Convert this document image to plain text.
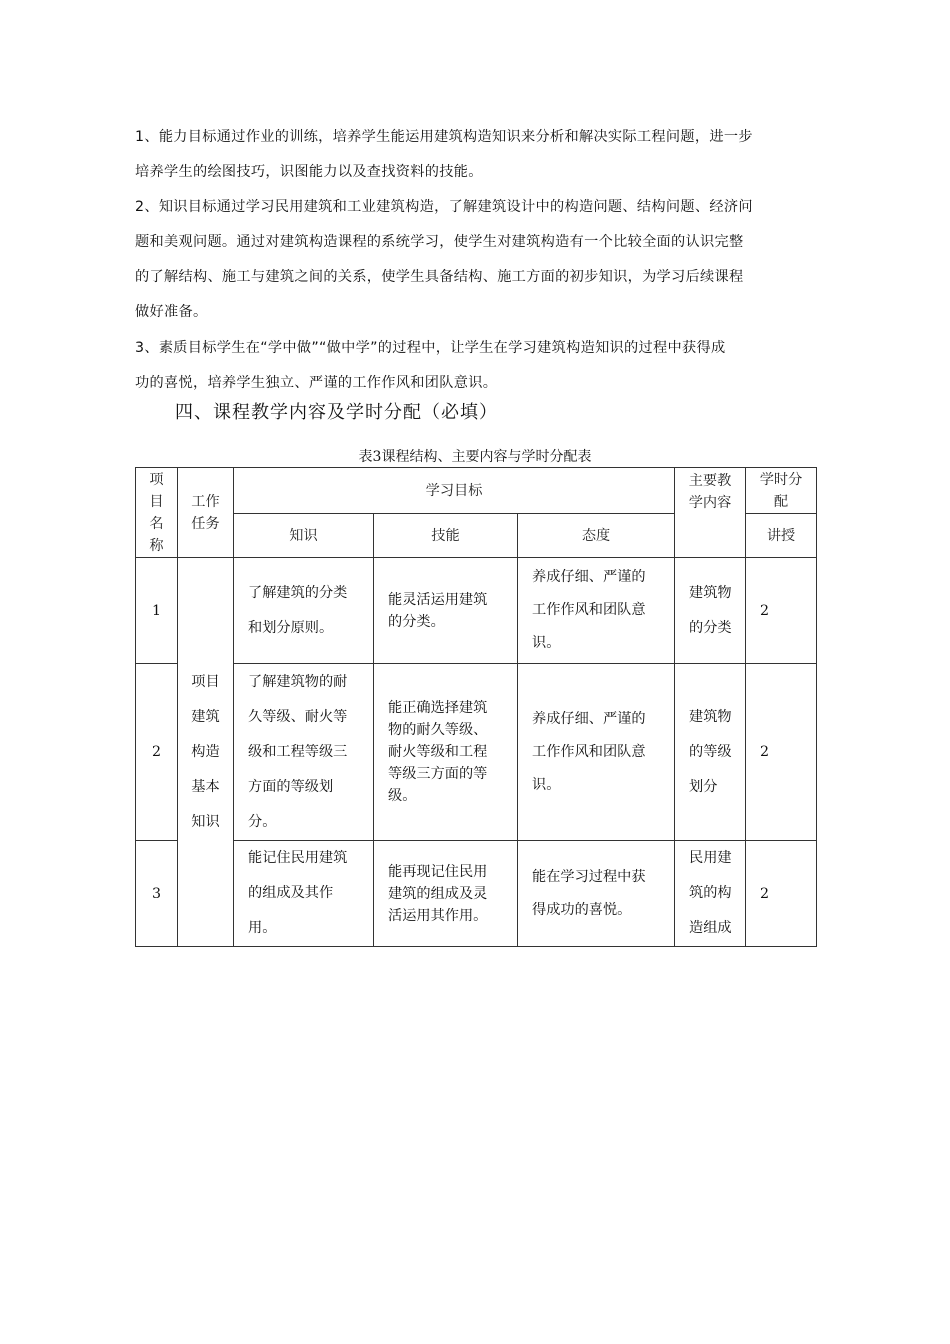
1、能力目标通过作业的训练，培养学生能运用建筑构造知识来分析和解决实际工程问题，进一步
培养学生的绘图技巧，识图能力以及查找资料的技能。

2、知识目标通过学习民用建筑和工业建筑构造，了解建筑设计中的构造问题、结构问题、经济问
题和美观问题。通过对建筑构造课程的系统学习，使学生对建筑构造有一个比较全面的认识完整
的了解结构、施工与建筑之间的关系，使学生具备结构、施工方面的初步知识，为学习后续课程
做好准备。

3、素质目标学生在“学中做”“做中学”的过程中，让学生在学习建筑构造知识的过程中获得成
功的喜悦，培养学生独立、严谨的工作作风和团队意识。

四、课程教学内容及学时分配（必填）

表3课程结构、主要内容与学时分配表

项
目
名
称	工作
任务	学习目标			主要教
学内容	学时分
配

		知识	技能	态度		讲授
1	项目
建筑
构造
基本
知识	了解建筑的分类
和划分原则。	能灵活运用建筑
的分类。	养成仔细、严谨的
工作作风和团队意
识。	建筑物
的分类	2
2		了解建筑物的耐
久等级、耐火等
级和工程等级三
方面的等级划
分。	能正确选择建筑
物的耐久等级、
耐火等级和工程
等级三方面的等
级。	养成仔细、严谨的
工作作风和团队意
识。	建筑物
的等级
划分	2
3		能记住民用建筑
的组成及其作
用。	能再现记住民用
建筑的组成及灵
活运用其作用。	能在学习过程中获
得成功的喜悦。	民用建
筑的构
造组成	2
